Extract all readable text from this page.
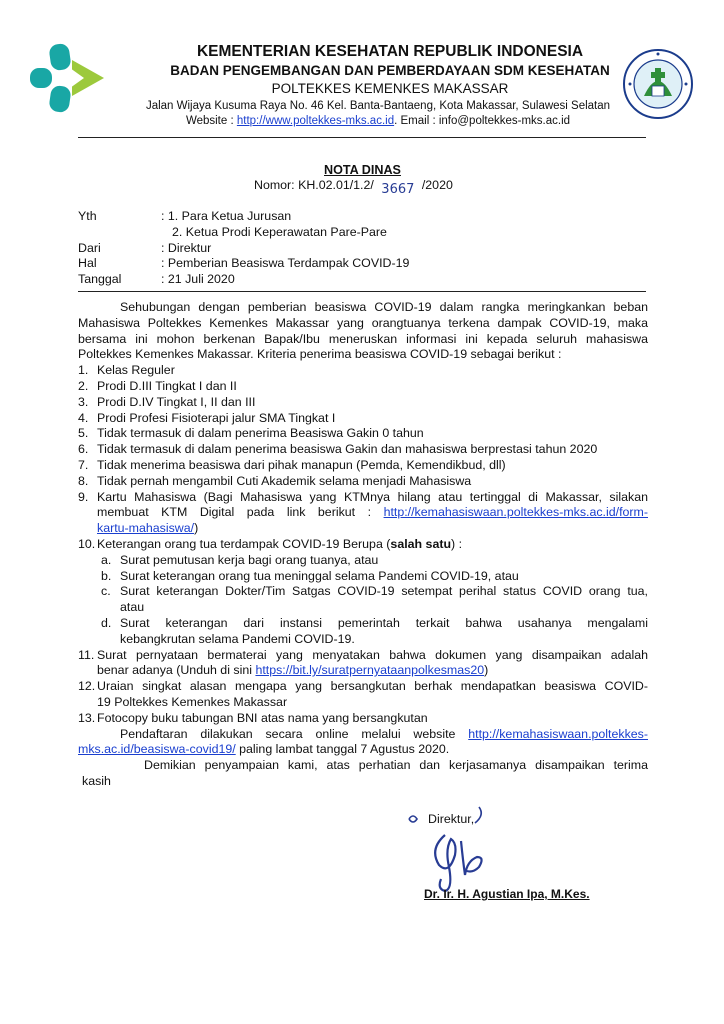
KEMENTERIAN KESEHATAN REPUBLIK INDONESIA
BADAN PENGEMBANGAN DAN PEMBERDAYAAN SDM KESEHATAN
POLTEKKES KEMENKES MAKASSAR
Jalan Wijaya Kusuma Raya No. 46 Kel. Banta-Bantaeng, Kota Makassar, Sulawesi Selatan
Website : http://www.poltekkes-mks.ac.id. Email : info@poltekkes-mks.ac.id
NOTA DINAS
Nomor: KH.02.01/1.2/ 3667 /2020
Yth	: 1. Para Ketua Jurusan
2. Ketua Prodi Keperawatan Pare-Pare
Dari	: Direktur
Hal	: Pemberian Beasiswa Terdampak COVID-19
Tanggal	: 21 Juli 2020
Sehubungan dengan pemberian beasiswa COVID-19 dalam rangka meringkankan beban
Mahasiswa Poltekkes Kemenkes Makassar yang orangtuanya terkena dampak COVID-19, maka
bersama ini mohon berkenan Bapak/Ibu meneruskan informasi ini kepada seluruh mahasiswa
Poltekkes Kemenkes Makassar. Kriteria penerima beasiswa COVID-19 sebagai berikut :
1. Kelas Reguler
2. Prodi D.III Tingkat I dan II
3. Prodi D.IV Tingkat I, II dan III
4. Prodi Profesi Fisioterapi jalur SMA Tingkat I
5. Tidak termasuk di dalam penerima Beasiswa Gakin 0 tahun
6. Tidak termasuk di dalam penerima beasiswa Gakin dan mahasiswa berprestasi tahun 2020
7. Tidak menerima beasiswa dari pihak manapun (Pemda, Kemendikbud, dll)
8. Tidak pernah mengambil Cuti Akademik selama menjadi Mahasiswa
9. Kartu Mahasiswa (Bagi Mahasiswa yang KTMnya hilang atau tertinggal di Makassar, silakan
membuat KTM Digital pada link berikut : http://kemahasiswaan.poltekkes-mks.ac.id/form-
kartu-mahasiswa/)
10. Keterangan orang tua terdampak COVID-19 Berupa (salah satu) :
a. Surat pemutusan kerja bagi orang tuanya, atau
b. Surat keterangan orang tua meninggal selama Pandemi COVID-19, atau
c. Surat keterangan Dokter/Tim Satgas COVID-19 setempat perihal status COVID orang tua,
atau
d. Surat keterangan dari instansi pemerintah terkait bahwa usahanya mengalami
kebangkrutan selama Pandemi COVID-19.
11. Surat pernyataan bermaterai yang menyatakan bahwa dokumen yang disampaikan adalah
benar adanya (Unduh di sini https://bit.ly/suratpernyataanpolkesmas20)
12. Uraian singkat alasan mengapa yang bersangkutan berhak mendapatkan beasiswa COVID-
19 Poltekkes Kemenkes Makassar
13. Fotocopy buku tabungan BNI atas nama yang bersangkutan
Pendaftaran dilakukan secara online melalui website http://kemahasiswaan.poltekkes-
mks.ac.id/beasiswa-covid19/ paling lambat tanggal 7 Agustus 2020.
Demikian penyampaian kami, atas perhatian dan kerjasamanya disampaikan terima
kasih
Direktur,
Dr. Ir. H. Agustian Ipa, M.Kes.
